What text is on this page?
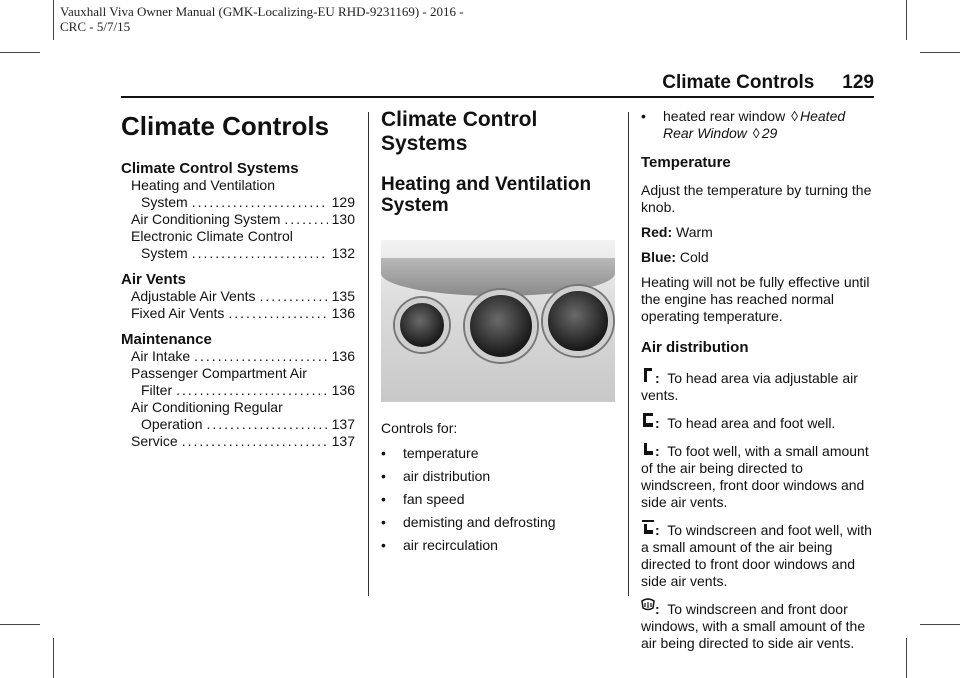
Vauxhall Viva Owner Manual (GMK-Localizing-EU RHD-9231169) - 2016 -
CRC - 5/7/15
Climate Controls 129
Climate Controls
Climate Control Systems
Heating and Ventilation
System .....	129
Air Conditioning System .....	130
Electronic Climate Control
System .....	132
Air Vents
Adjustable Air Vents .....	135
Fixed Air Vents .....	136
Maintenance
Air Intake .....	136
Passenger Compartment Air
Filter .....	136
Air Conditioning Regular
Operation .....	137
Service .....	137
Climate Control
Systems
Heating and Ventilation
System

Controls for:

•	temperature
•	air distribution
•	fan speed
•	demisting and defrosting
•	air recirculation
•	heated rear window ◊ Heated
Rear Window ◊ 29
Temperature

Adjust the temperature by turning the knob.

Red: Warm

Blue: Cold

Heating will not be fully effective until the engine has reached normal operating temperature.

Air distribution

: To head area via adjustable air vents.

: To head area and foot well.

: To foot well, with a small amount of the air being directed to windscreen, front door windows and side air vents.

: To windscreen and foot well, with a small amount of the air being directed to front door windows and side air vents.

: To windscreen and front door windows, with a small amount of the air being directed to side air vents.
